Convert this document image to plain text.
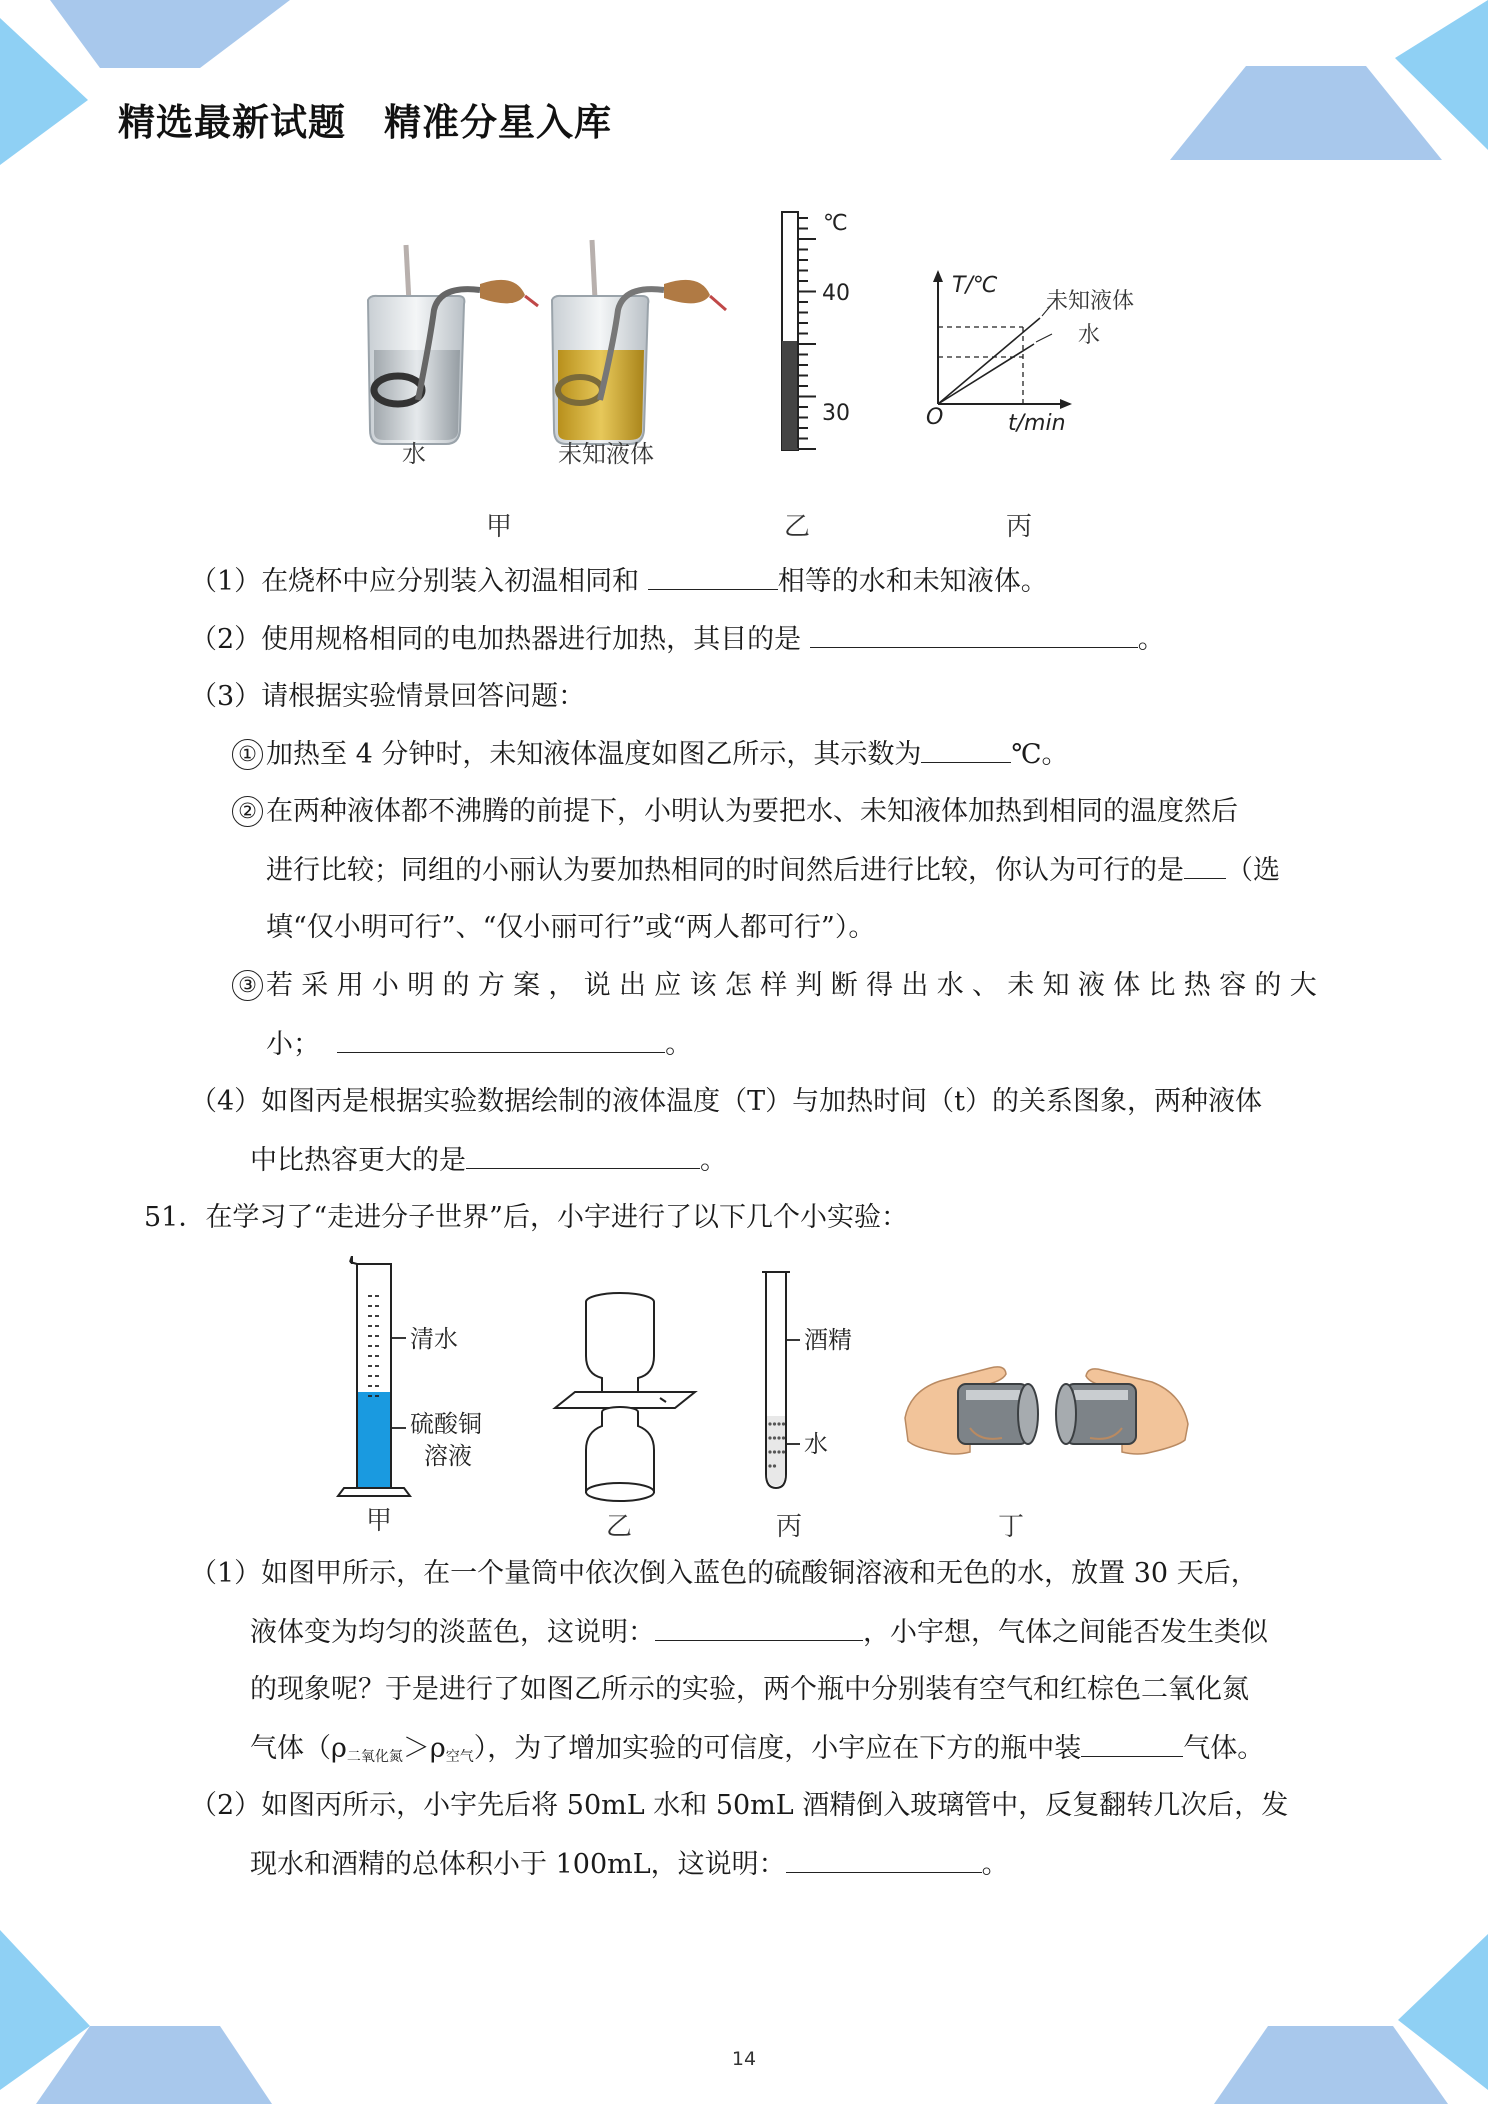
精选最新试题　精准分星入库
水	未知液体
℃
40
30
T/℃
t/min
O
未知液体
水
甲	乙	丙
（1）在烧杯中应分别装入初温相同和	相等的水和未知液体。
（2）使用规格相同的电加热器进行加热，其目的是	。
（3）请根据实验情景回答问题：
① 加热至 4 分钟时，未知液体温度如图乙所示，其示数为	℃。
② 在两种液体都不沸腾的前提下，小明认为要把水、未知液体加热到相同的温度然后
进行比较；同组的小丽认为要加热相同的时间然后进行比较，你认为可行的是 （选
填“仅小明可行”、“仅小丽可行”或“两人都可行”）。
③ 若采用小明的方案，说出应该怎样判断得出水、未知液体比热容的大
小；	。
（4）如图丙是根据实验数据绘制的液体温度（T）与加热时间（t）的关系图象，两种液体
中比热容更大的是	。
51．在学习了“走进分子世界”后，小宇进行了以下几个小实验：
清水
硫酸铜
溶液
酒精
水
甲	乙	丙	丁
（1）如图甲所示，在一个量筒中依次倒入蓝色的硫酸铜溶液和无色的水，放置 30 天后，
液体变为均匀的淡蓝色，这说明：	，小宇想，气体之间能否发生类似
的现象呢？于是进行了如图乙所示的实验，两个瓶中分别装有空气和红棕色二氧化氮
气体$(\rho_{二氧化氮}>\rho_{空气})$，为了增加实验的可信度，小宇应在下方的瓶中装	气体。
（2）如图丙所示，小宇先后将 50mL 水和 50mL 酒精倒入玻璃管中，反复翻转几次后，发
现水和酒精的总体积小于 100mL，这说明：	。
14
